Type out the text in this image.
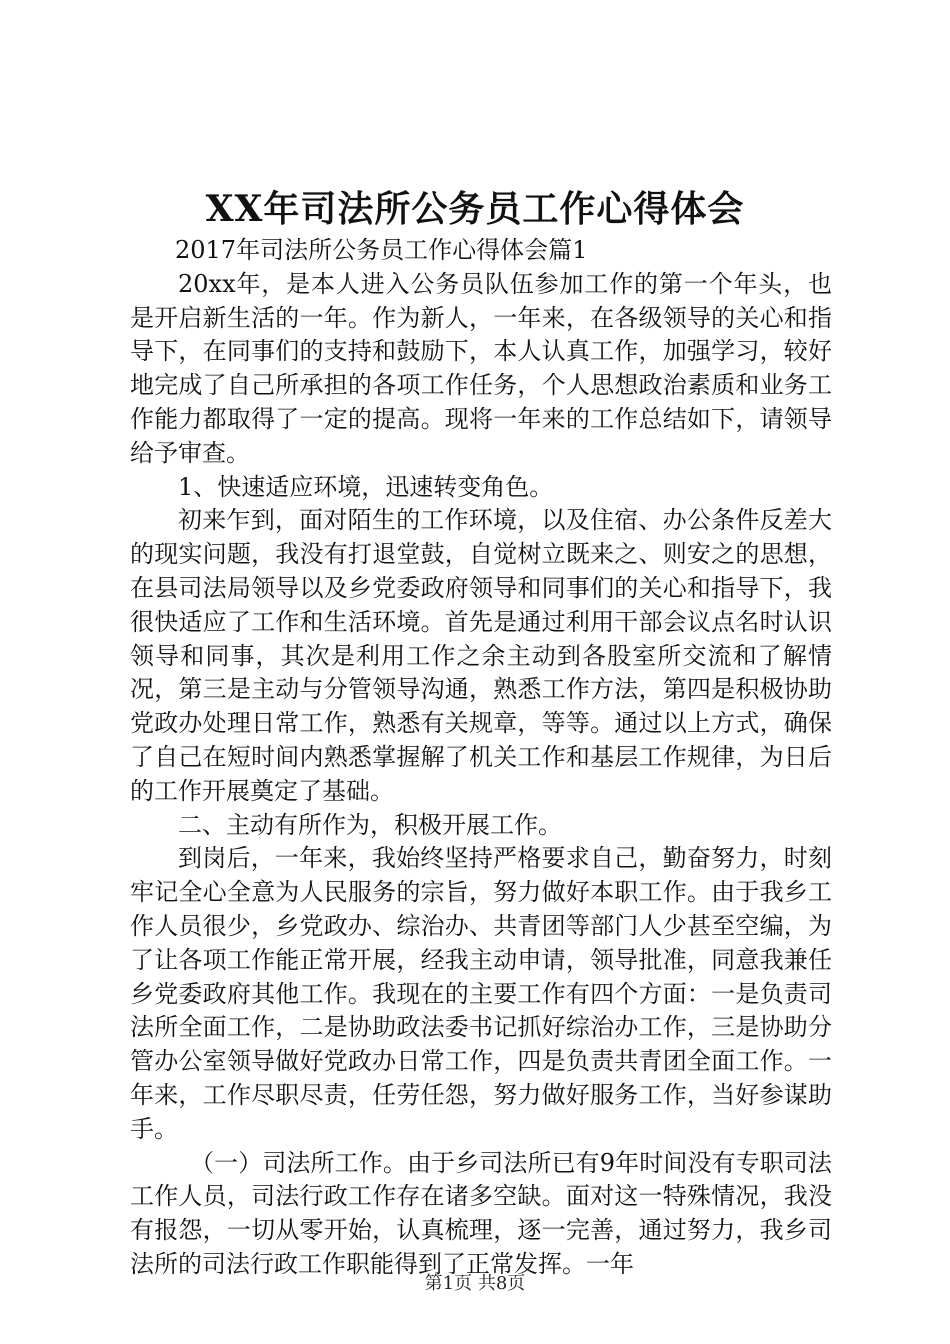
XX年司法所公务员工作心得体会

2017年司法所公务员工作心得体会篇1

20xx年，是本人进入公务员队伍参加工作的第一个年头，也是开启新生活的一年。作为新人，一年来，在各级领导的关心和指导下，在同事们的支持和鼓励下，本人认真工作，加强学习，较好地完成了自己所承担的各项工作任务，个人思想政治素质和业务工作能力都取得了一定的提高。现将一年来的工作总结如下，请领导给予审查。

1、快速适应环境，迅速转变角色。

初来乍到，面对陌生的工作环境，以及住宿、办公条件反差大的现实问题，我没有打退堂鼓，自觉树立既来之、则安之的思想，在县司法局领导以及乡党委政府领导和同事们的关心和指导下，我很快适应了工作和生活环境。首先是通过利用干部会议点名时认识领导和同事，其次是利用工作之余主动到各股室所交流和了解情况，第三是主动与分管领导沟通，熟悉工作方法，第四是积极协助党政办处理日常工作，熟悉有关规章，等等。通过以上方式，确保了自己在短时间内熟悉掌握解了机关工作和基层工作规律，为日后的工作开展奠定了基础。

二、主动有所作为，积极开展工作。

到岗后，一年来，我始终坚持严格要求自己，勤奋努力，时刻牢记全心全意为人民服务的宗旨，努力做好本职工作。由于我乡工作人员很少，乡党政办、综治办、共青团等部门人少甚至空编，为了让各项工作能正常开展，经我主动申请，领导批准，同意我兼任乡党委政府其他工作。我现在的主要工作有四个方面：一是负责司法所全面工作，二是协助政法委书记抓好综治办工作，三是协助分管办公室领导做好党政办日常工作，四是负责共青团全面工作。一年来，工作尽职尽责，任劳任怨，努力做好服务工作，当好参谋助手。

（一）司法所工作。由于乡司法所已有9年时间没有专职司法工作人员，司法行政工作存在诸多空缺。面对这一特殊情况，我没有报怨，一切从零开始，认真梳理，逐一完善，通过努力，我乡司法所的司法行政工作职能得到了正常发挥。一年

第1页 共8页
